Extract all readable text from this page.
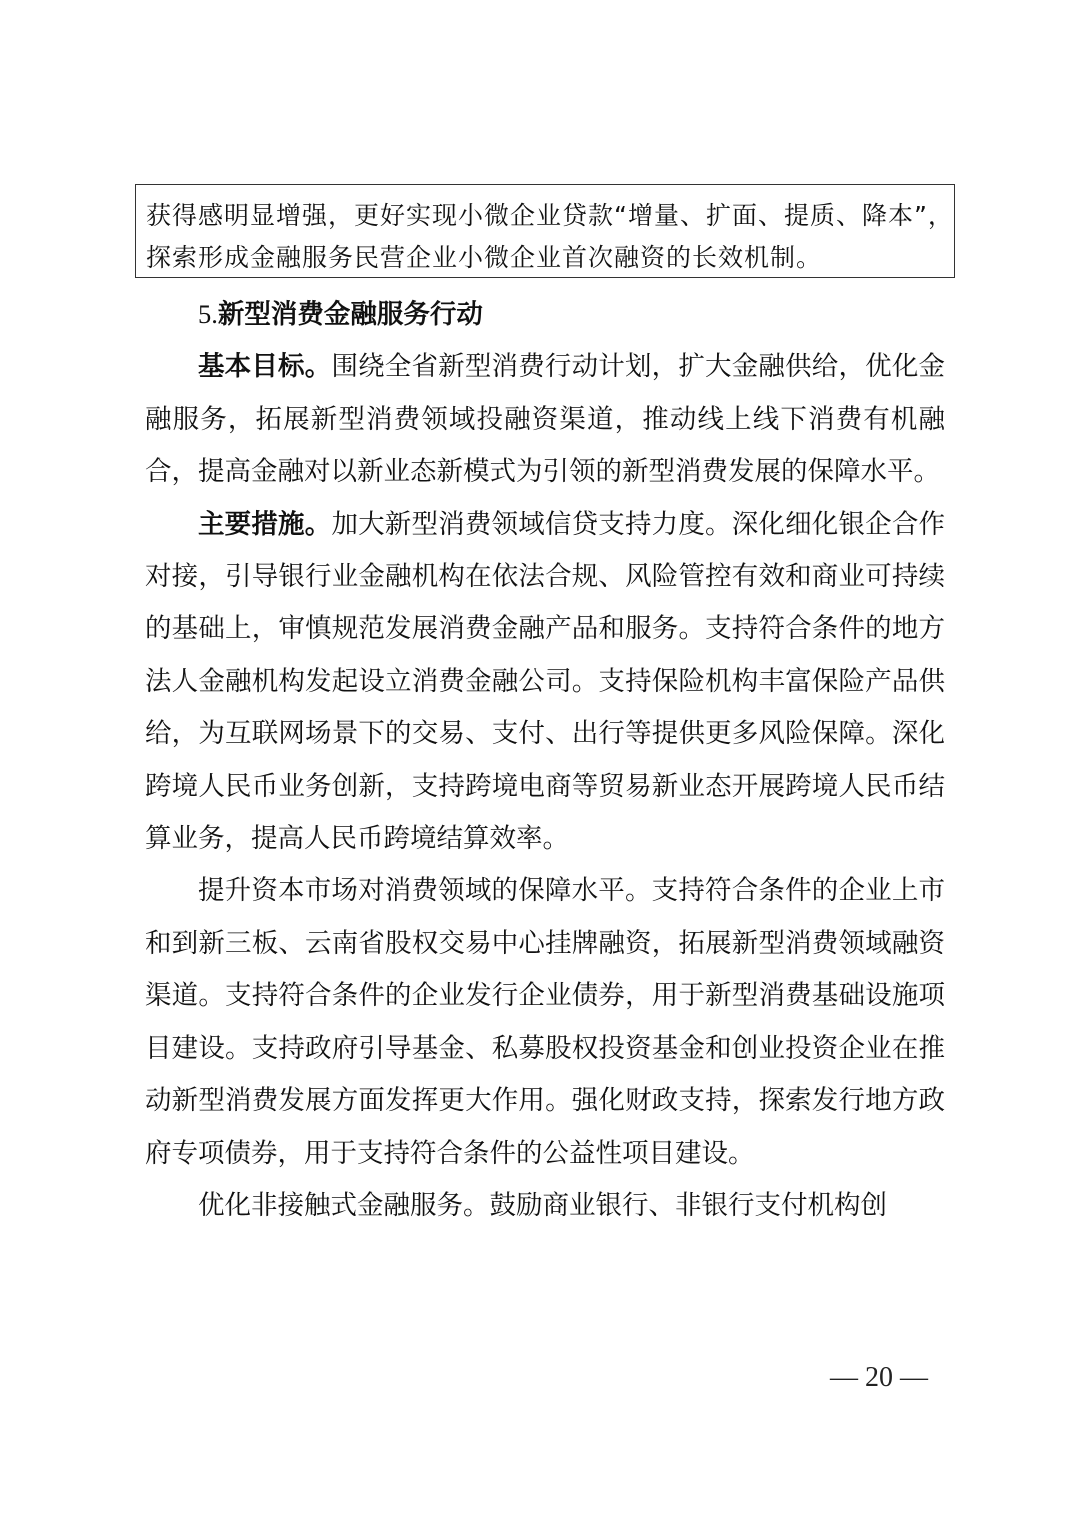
获得感明显增强，更好实现小微企业贷款“增量、扩面、提质、降本”，

探索形成金融服务民营企业小微企业首次融资的长效机制。

5.新型消费金融服务行动

基本目标。围绕全省新型消费行动计划，扩大金融供给，优化金融服务，拓展新型消费领域投融资渠道，推动线上线下消费有机融合，提高金融对以新业态新模式为引领的新型消费发展的保障水平。

主要措施。加大新型消费领域信贷支持力度。深化细化银企合作对接，引导银行业金融机构在依法合规、风险管控有效和商业可持续的基础上，审慎规范发展消费金融产品和服务。支持符合条件的地方法人金融机构发起设立消费金融公司。支持保险机构丰富保险产品供给，为互联网场景下的交易、支付、出行等提供更多风险保障。深化跨境人民币业务创新，支持跨境电商等贸易新业态开展跨境人民币结算业务，提高人民币跨境结算效率。

提升资本市场对消费领域的保障水平。支持符合条件的企业上市和到新三板、云南省股权交易中心挂牌融资，拓展新型消费领域融资渠道。支持符合条件的企业发行企业债券，用于新型消费基础设施项目建设。支持政府引导基金、私募股权投资基金和创业投资企业在推动新型消费发展方面发挥更大作用。强化财政支持，探索发行地方政府专项债券，用于支持符合条件的公益性项目建设。

优化非接触式金融服务。鼓励商业银行、非银行支付机构创

— 20 —
